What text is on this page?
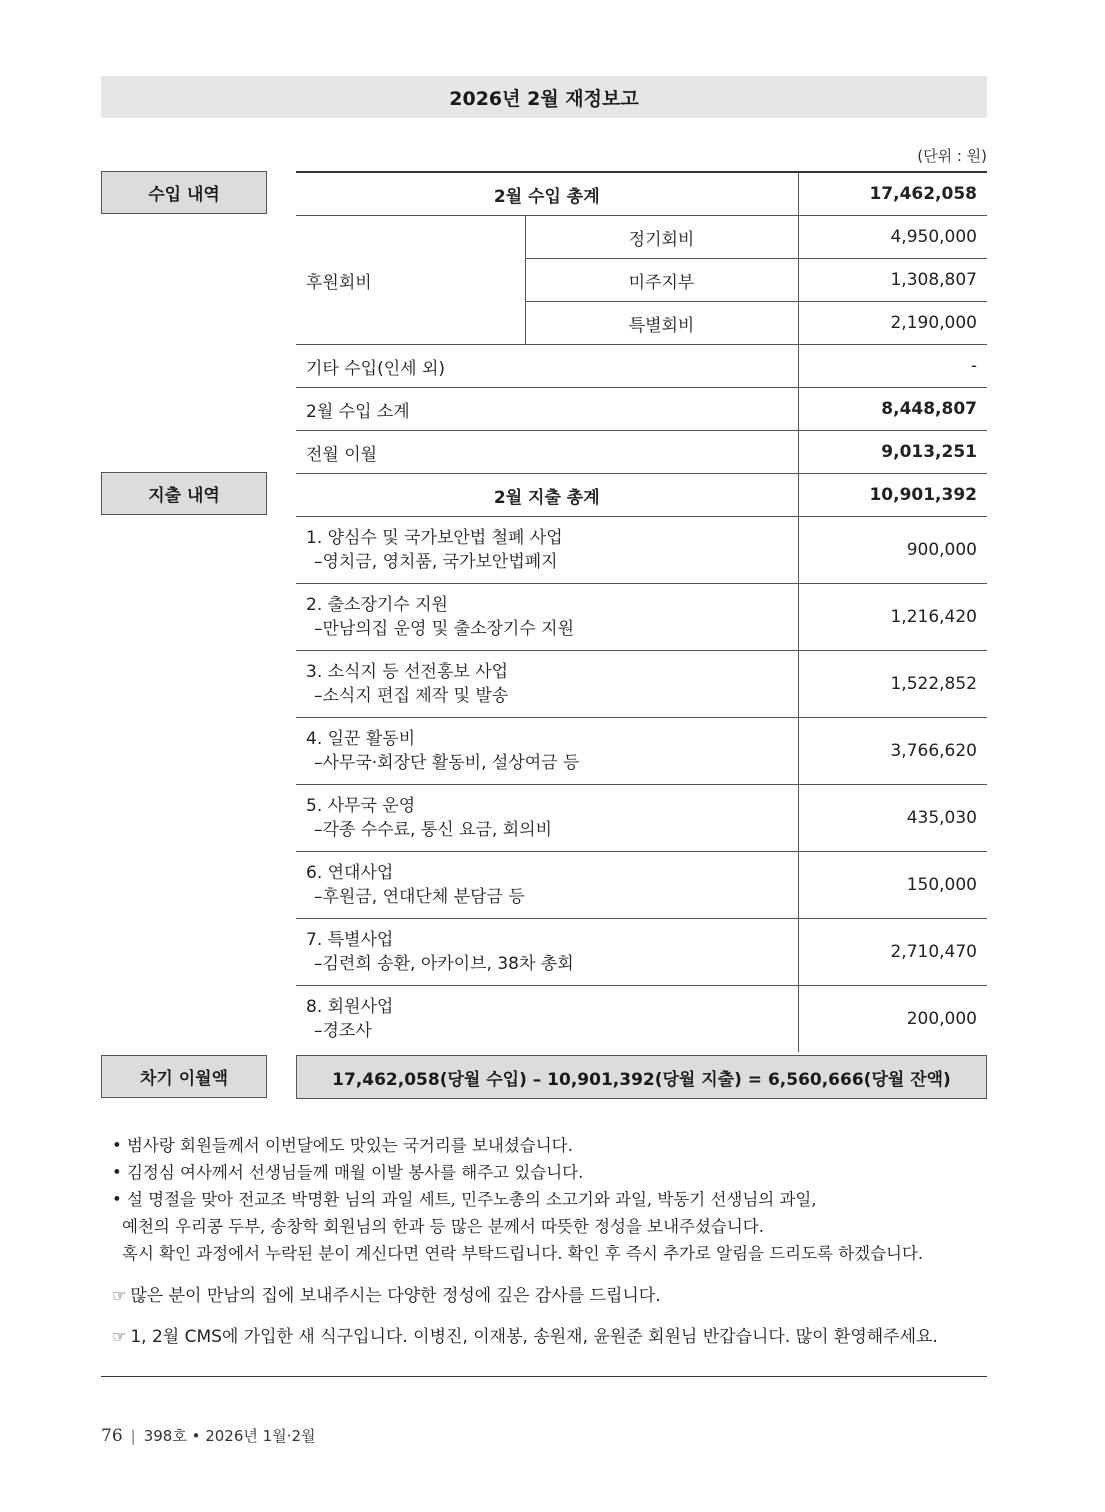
2026년 2월 재정보고
(단위 : 원)
수입 내역
지출 내역
차기 이월액
2월 수입 총계		17,462,058
후원회비	정기회비	4,950,000
	미주지부	1,308,807
	특별회비	2,190,000
기타 수입(인세 외)		-
2월 수입 소계		8,448,807
전월 이월		9,013,251
2월 지출 총계		10,901,392

1. 양심수 및 국가보안법 철폐 사업
–영치금, 영치품, 국가보안법폐지		900,000

2. 출소장기수 지원
–만남의집 운영 및 출소장기수 지원		1,216,420

3. 소식지 등 선전홍보 사업
–소식지 편집 제작 및 발송		1,522,852

4. 일꾼 활동비
–사무국·회장단 활동비, 설상여금 등		3,766,620

5. 사무국 운영
–각종 수수료, 통신 요금, 회의비		435,030

6. 연대사업
–후원금, 연대단체 분담금 등		150,000

7. 특별사업
–김련희 송환, 아카이브, 38차 총회		2,710,470

8. 회원사업
–경조사		200,000
17,462,058(당월 수입) – 10,901,392(당월 지출) = 6,560,666(당월 잔액)
• 범사랑 회원들께서 이번달에도 맛있는 국거리를 보내셨습니다.
• 김정심 여사께서 선생님들께 매월 이발 봉사를 해주고 있습니다.
• 설 명절을 맞아 전교조 박명환 님의 과일 세트, 민주노총의 소고기와 과일, 박동기 선생님의 과일,
예천의 우리콩 두부, 송창학 회원님의 한과 등 많은 분께서 따뜻한 정성을 보내주셨습니다.
혹시 확인 과정에서 누락된 분이 계신다면 연락 부탁드립니다. 확인 후 즉시 추가로 알림을 드리도록 하겠습니다.
☞ 많은 분이 만남의 집에 보내주시는 다양한 정성에 깊은 감사를 드립니다.
☞ 1, 2월 CMS에 가입한 새 식구입니다. 이병진, 이재봉, 송원재, 윤원준 회원님 반갑습니다. 많이 환영해주세요.
76 | 398호 • 2026년 1월·2월
